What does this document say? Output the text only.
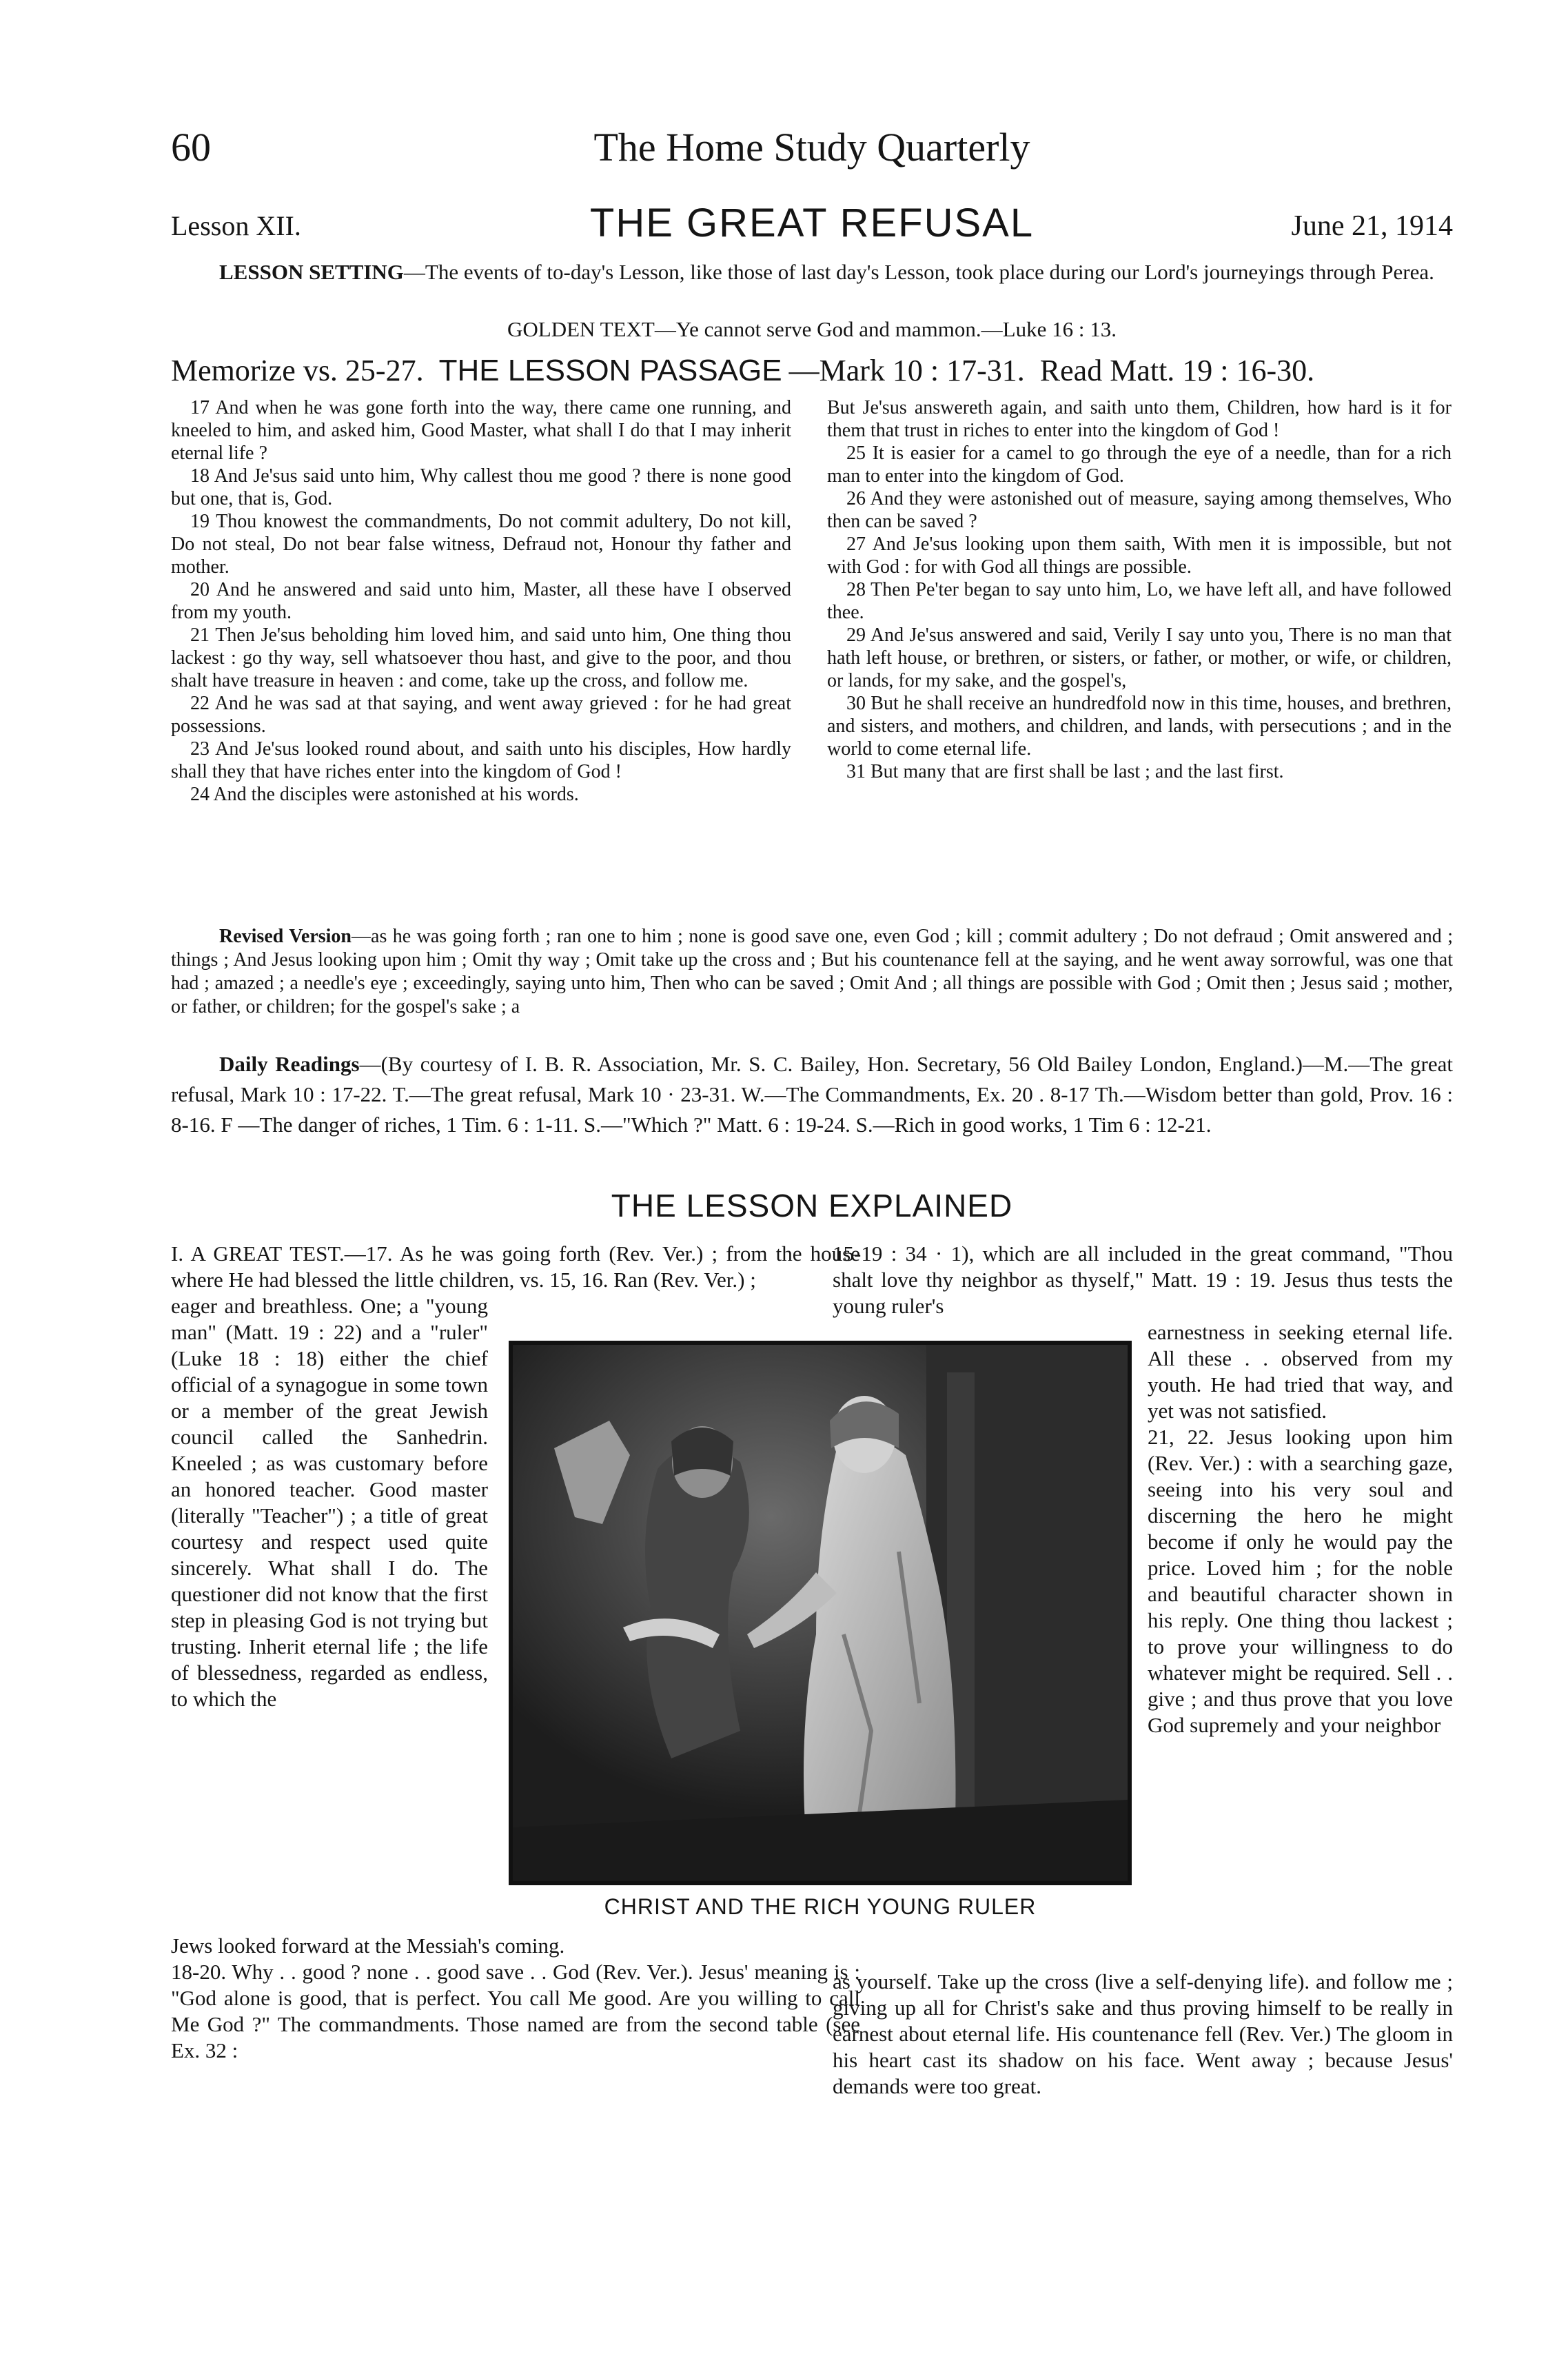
60	The Home Study Quarterly
Lesson XII.	THE GREAT REFUSAL	June 21, 1914
LESSON SETTING—The events of to-day's Lesson, like those of last day's Lesson, took place during our Lord's journeyings through Perea.
GOLDEN TEXT—Ye cannot serve God and mammon.—Luke 16 : 13.
Memorize vs. 25-27. THE LESSON PASSAGE —Mark 10 : 17-31. Read Matt. 19 : 16-30.

17 And when he was gone forth into the way, there came one running, and kneeled to him, and asked him, Good Master, what shall I do that I may inherit eternal life ?

18 And Je'sus said unto him, Why callest thou me good ? there is none good but one, that is, God.

19 Thou knowest the commandments, Do not commit adultery, Do not kill, Do not steal, Do not bear false witness, Defraud not, Honour thy father and mother.

20 And he answered and said unto him, Master, all these have I observed from my youth.

21 Then Je'sus beholding him loved him, and said unto him, One thing thou lackest : go thy way, sell whatsoever thou hast, and give to the poor, and thou shalt have treasure in heaven : and come, take up the cross, and follow me.

22 And he was sad at that saying, and went away grieved : for he had great possessions.

23 And Je'sus looked round about, and saith unto his disciples, How hardly shall they that have riches enter into the kingdom of God !

24 And the disciples were astonished at his words.

But Je'sus answereth again, and saith unto them, Children, how hard is it for them that trust in riches to enter into the kingdom of God !

25 It is easier for a camel to go through the eye of a needle, than for a rich man to enter into the kingdom of God.

26 And they were astonished out of measure, saying among themselves, Who then can be saved ?

27 And Je'sus looking upon them saith, With men it is impossible, but not with God : for with God all things are possible.

28 Then Pe'ter began to say unto him, Lo, we have left all, and have followed thee.

29 And Je'sus answered and said, Verily I say unto you, There is no man that hath left house, or brethren, or sisters, or father, or mother, or wife, or children, or lands, for my sake, and the gospel's,

30 But he shall receive an hundredfold now in this time, houses, and brethren, and sisters, and mothers, and children, and lands, with persecutions ; and in the world to come eternal life.

31 But many that are first shall be last ; and the last first.

Revised Version—as he was going forth ; ran one to him ; none is good save one, even God ; kill ; commit adultery ; Do not defraud ; Omit answered and ; things ; And Jesus looking upon him ; Omit thy way ; Omit take up the cross and ; But his countenance fell at the saying, and he went away sorrowful, was one that had ; amazed ; a needle's eye ; exceedingly, saying unto him, Then who can be saved ; Omit And ; all things are possible with God ; Omit then ; Jesus said ; mother, or father, or children; for the gospel's sake ; a
Daily Readings—(By courtesy of I. B. R. Association, Mr. S. C. Bailey, Hon. Secretary, 56 Old Bailey London, England.)—M.—The great refusal, Mark 10 : 17-22. T.—The great refusal, Mark 10 · 23-31. W.—The Commandments, Ex. 20 . 8-17 Th.—Wisdom better than gold, Prov. 16 : 8-16. F —The danger of riches, 1 Tim. 6 : 1-11. S.—"Which ?" Matt. 6 : 19-24. S.—Rich in good works, 1 Tim 6 : 12-21.
THE LESSON EXPLAINED
I. A GREAT TEST.—17. As he was going forth (Rev. Ver.) ; from the house where He had blessed the little children, vs. 15, 16. Ran (Rev. Ver.) ;
eager and breathless. One; a "young man" (Matt. 19 : 22) and a "ruler" (Luke 18 : 18) either the chief official of a synagogue in some town or a member of the great Jewish council called the Sanhedrin. Kneeled ; as was customary before an honored teacher. Good master (literally "Teacher") ; a title of great courtesy and respect used quite sincerely. What shall I do. The questioner did not know that the first step in pleasing God is not trying but trusting. Inherit eternal life ; the life of blessedness, regarded as endless, to which the

Jews looked forward at the Messiah's coming.

18-20. Why . . good ? none . . good save . . God (Rev. Ver.). Jesus' meaning is : "God alone is good, that is perfect. You call Me good. Are you willing to call Me God ?" The commandments. Those named are from the second table (see Ex. 32 :

15-19 : 34 · 1), which are all included in the great command, "Thou shalt love thy neighbor as thyself," Matt. 19 : 19. Jesus thus tests the young ruler's
earnestness in seeking eternal life. All these . . observed from my youth. He had tried that way, and yet was not satisfied.
21, 22. Jesus looking upon him (Rev. Ver.) : with a searching gaze, seeing into his very soul and discerning the hero he might become if only he would pay the price. Loved him ; for the noble and beautiful character shown in his reply. One thing thou lackest ; to prove your willingness to do whatever might be required. Sell . . give ; and thus prove that you love God supremely and your neighbor
as yourself. Take up the cross (live a self-denying life). and follow me ; giving up all for Christ's sake and thus proving himself to be really in earnest about eternal life. His countenance fell (Rev. Ver.) The gloom in his heart cast its shadow on his face. Went away ; because Jesus' demands were too great.
CHRIST AND THE RICH YOUNG RULER
